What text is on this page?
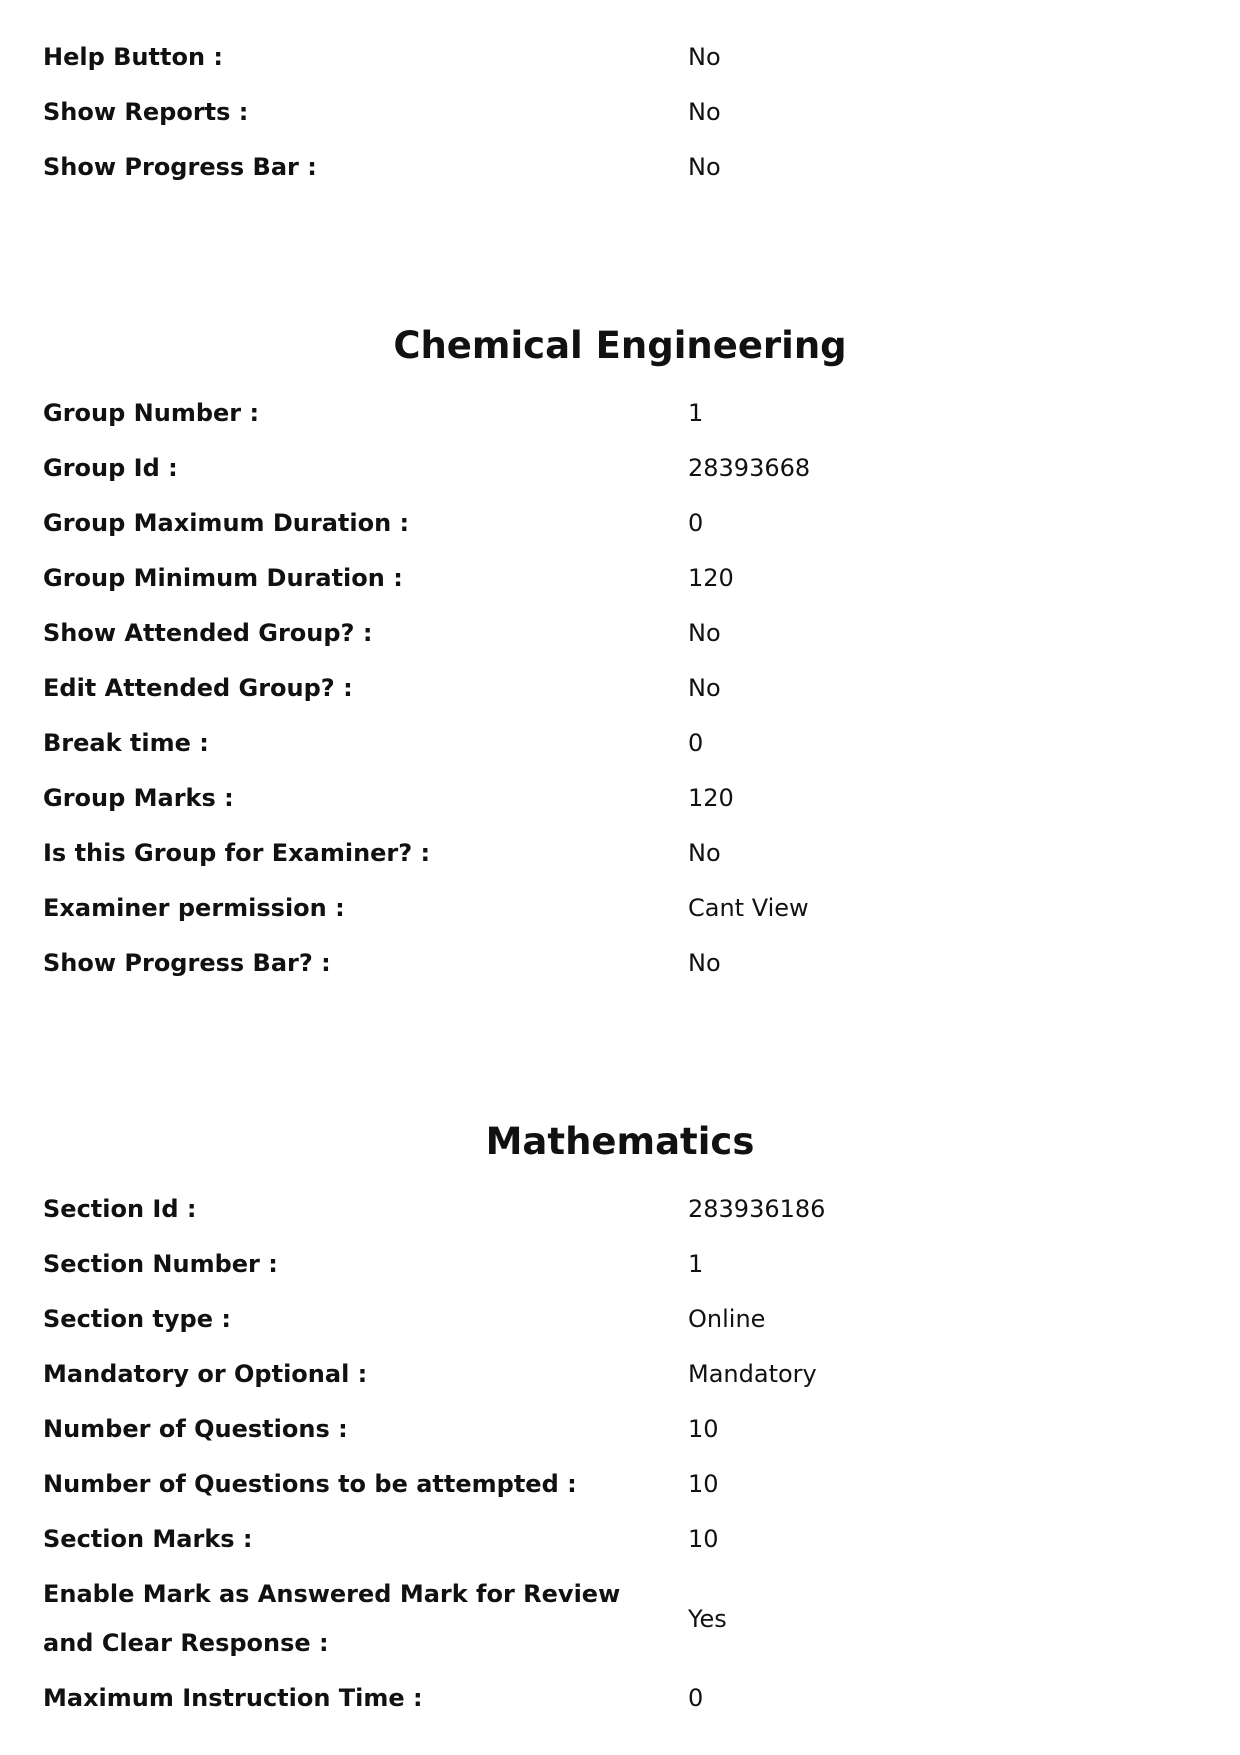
Help Button :	No
Show Reports :	No
Show Progress Bar :	No
Chemical Engineering
Group Number :	1
Group Id :	28393668
Group Maximum Duration :	0
Group Minimum Duration :	120
Show Attended Group? :	No
Edit Attended Group? :	No
Break time :	0
Group Marks :	120
Is this Group for Examiner? :	No
Examiner permission :	Cant View
Show Progress Bar? :	No
Mathematics
Section Id :	283936186
Section Number :	1
Section type :	Online
Mandatory or Optional :	Mandatory
Number of Questions :	10
Number of Questions to be attempted :	10
Section Marks :	10
Enable Mark as Answered Mark for Review and Clear Response :
Yes
Maximum Instruction Time :	0
